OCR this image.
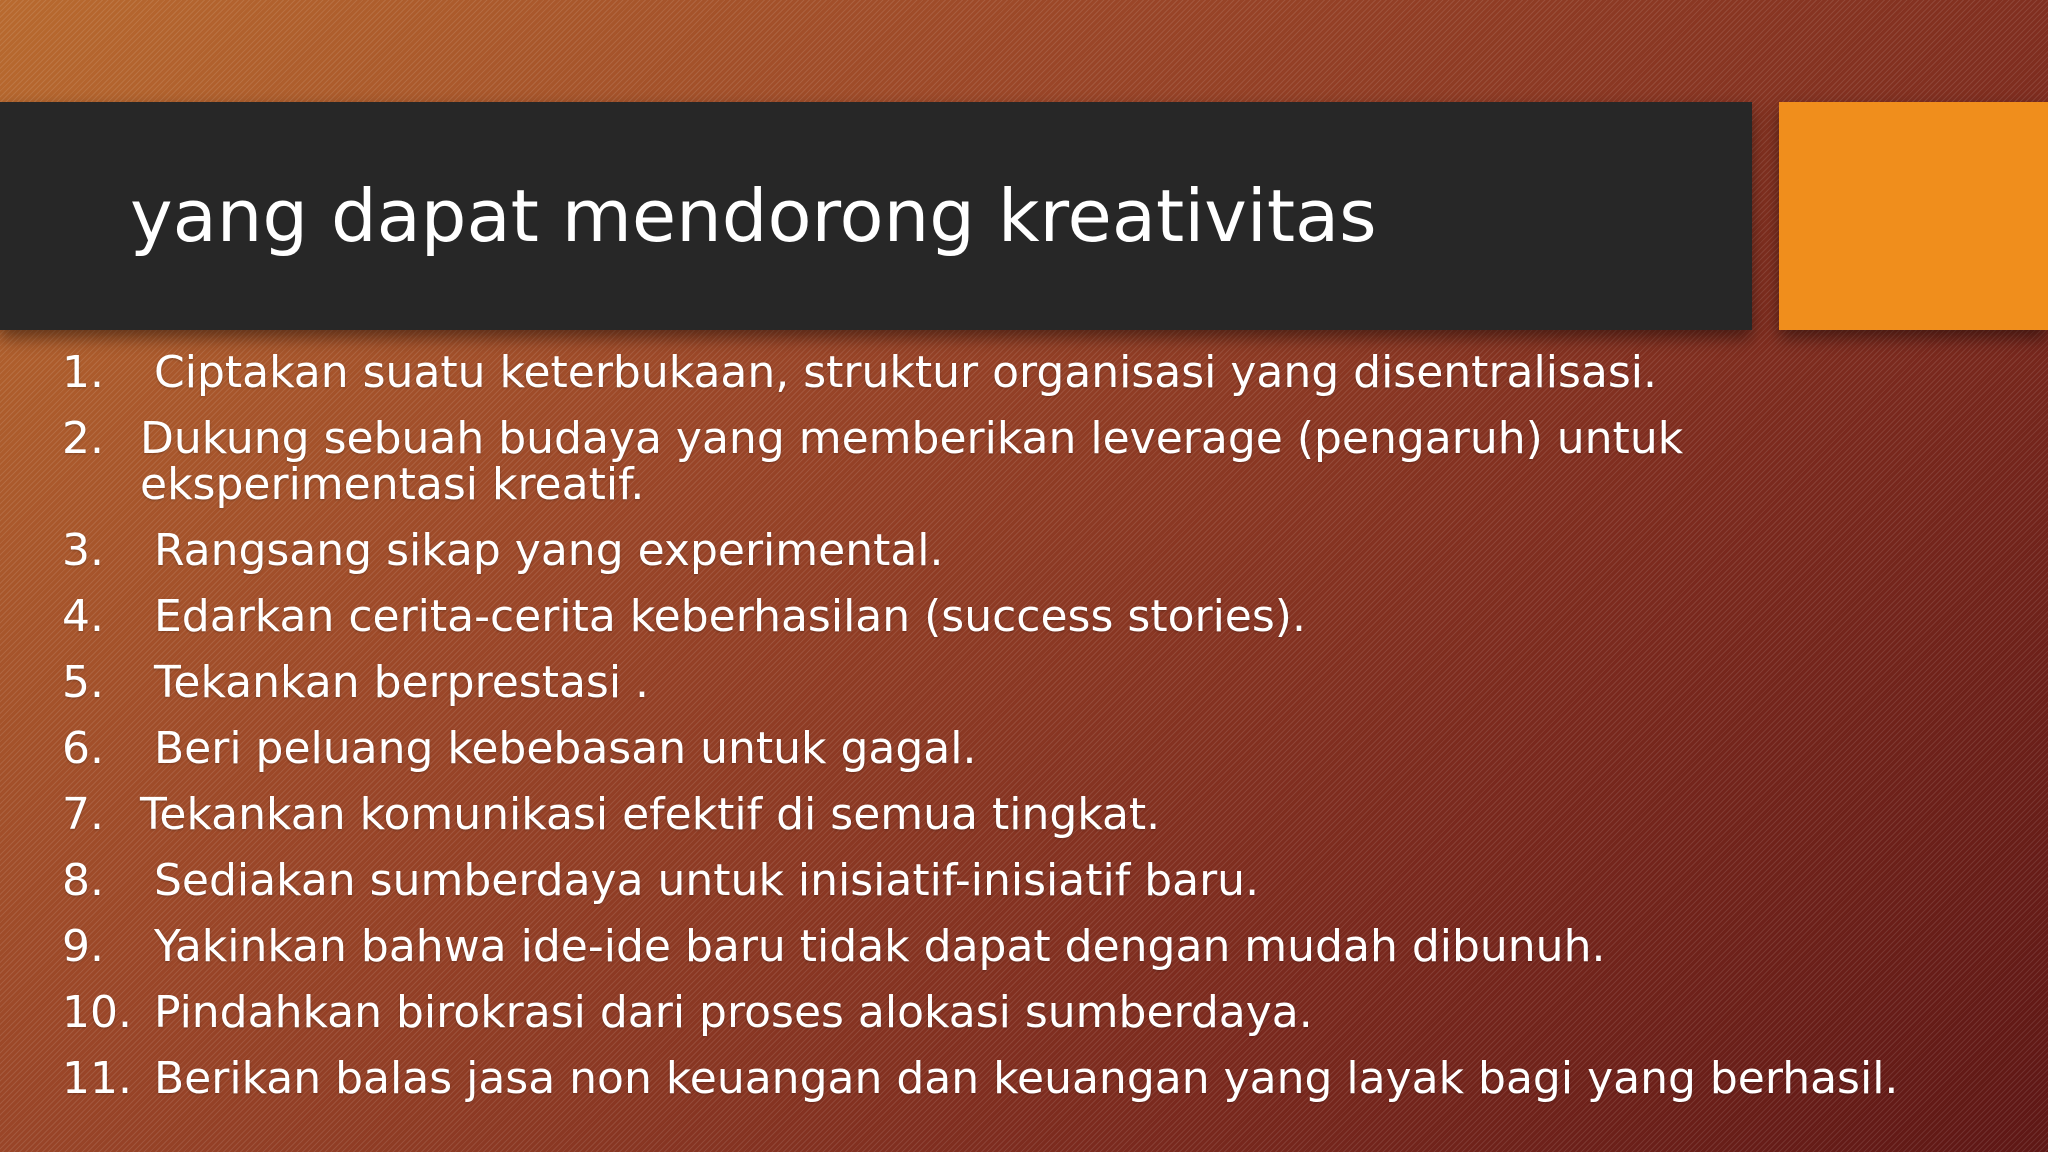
yang dapat mendorong kreativitas
1.	Ciptakan suatu keterbukaan, struktur organisasi yang disentralisasi.
2. Dukung sebuah budaya yang memberikan leverage (pengaruh) untuk eksperimentasi kreatif.
3.	Rangsang sikap yang experimental.
4.	Edarkan cerita-cerita keberhasilan (success stories).
5.	Tekankan berprestasi .
6.	Beri peluang kebebasan untuk gagal.
7. Tekankan komunikasi efektif di semua tingkat.
8.	Sediakan sumberdaya untuk inisiatif-inisiatif baru.
9.	Yakinkan bahwa ide-ide baru tidak dapat dengan mudah dibunuh.
10. Pindahkan birokrasi dari proses alokasi sumberdaya.
11. Berikan balas jasa non keuangan dan keuangan yang layak bagi yang berhasil.
